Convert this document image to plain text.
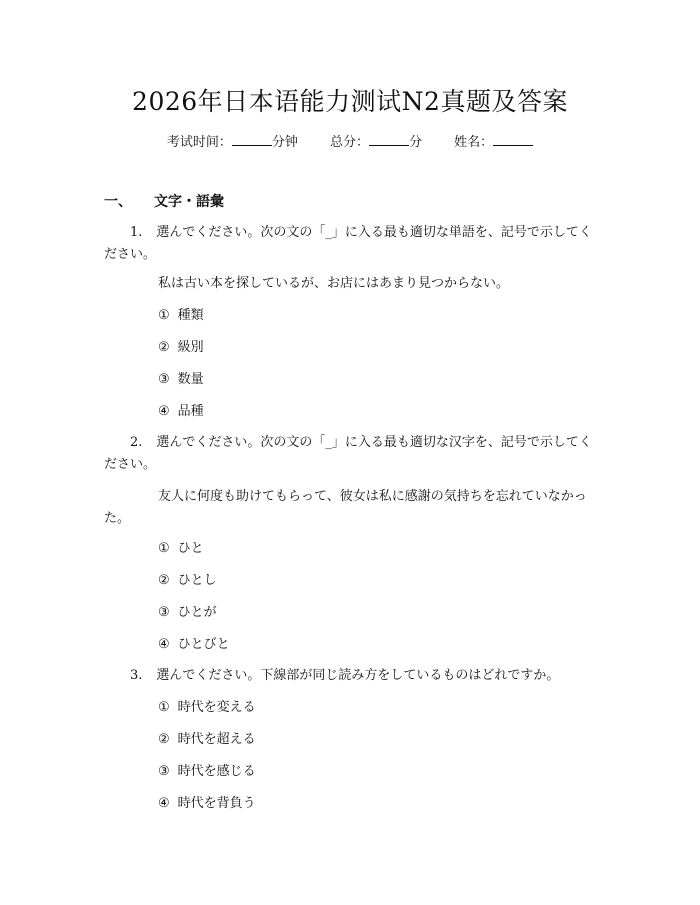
2026年日本语能力测试N2真题及答案
考试时间：	分钟 总分：	分 姓名：
一、 文字・語彙
1. 選んでください。次の文の「_」に入る最も適切な単語を、記号で示してください。
私は古い本を探しているが、お店にはあまり見つからない。
① 種類
② 級別
③ 数量
④ 品種
2. 選んでください。次の文の「_」に入る最も適切な汉字を、記号で示してください。
友人に何度も助けてもらって、彼女は私に感謝の気持ちを忘れていなかった。
① ひと
② ひとし
③ ひとが
④ ひとびと
3. 選んでください。下線部が同じ読み方をしているものはどれですか。
① 時代を変える
② 時代を超える
③ 時代を感じる
④ 時代を背負う
